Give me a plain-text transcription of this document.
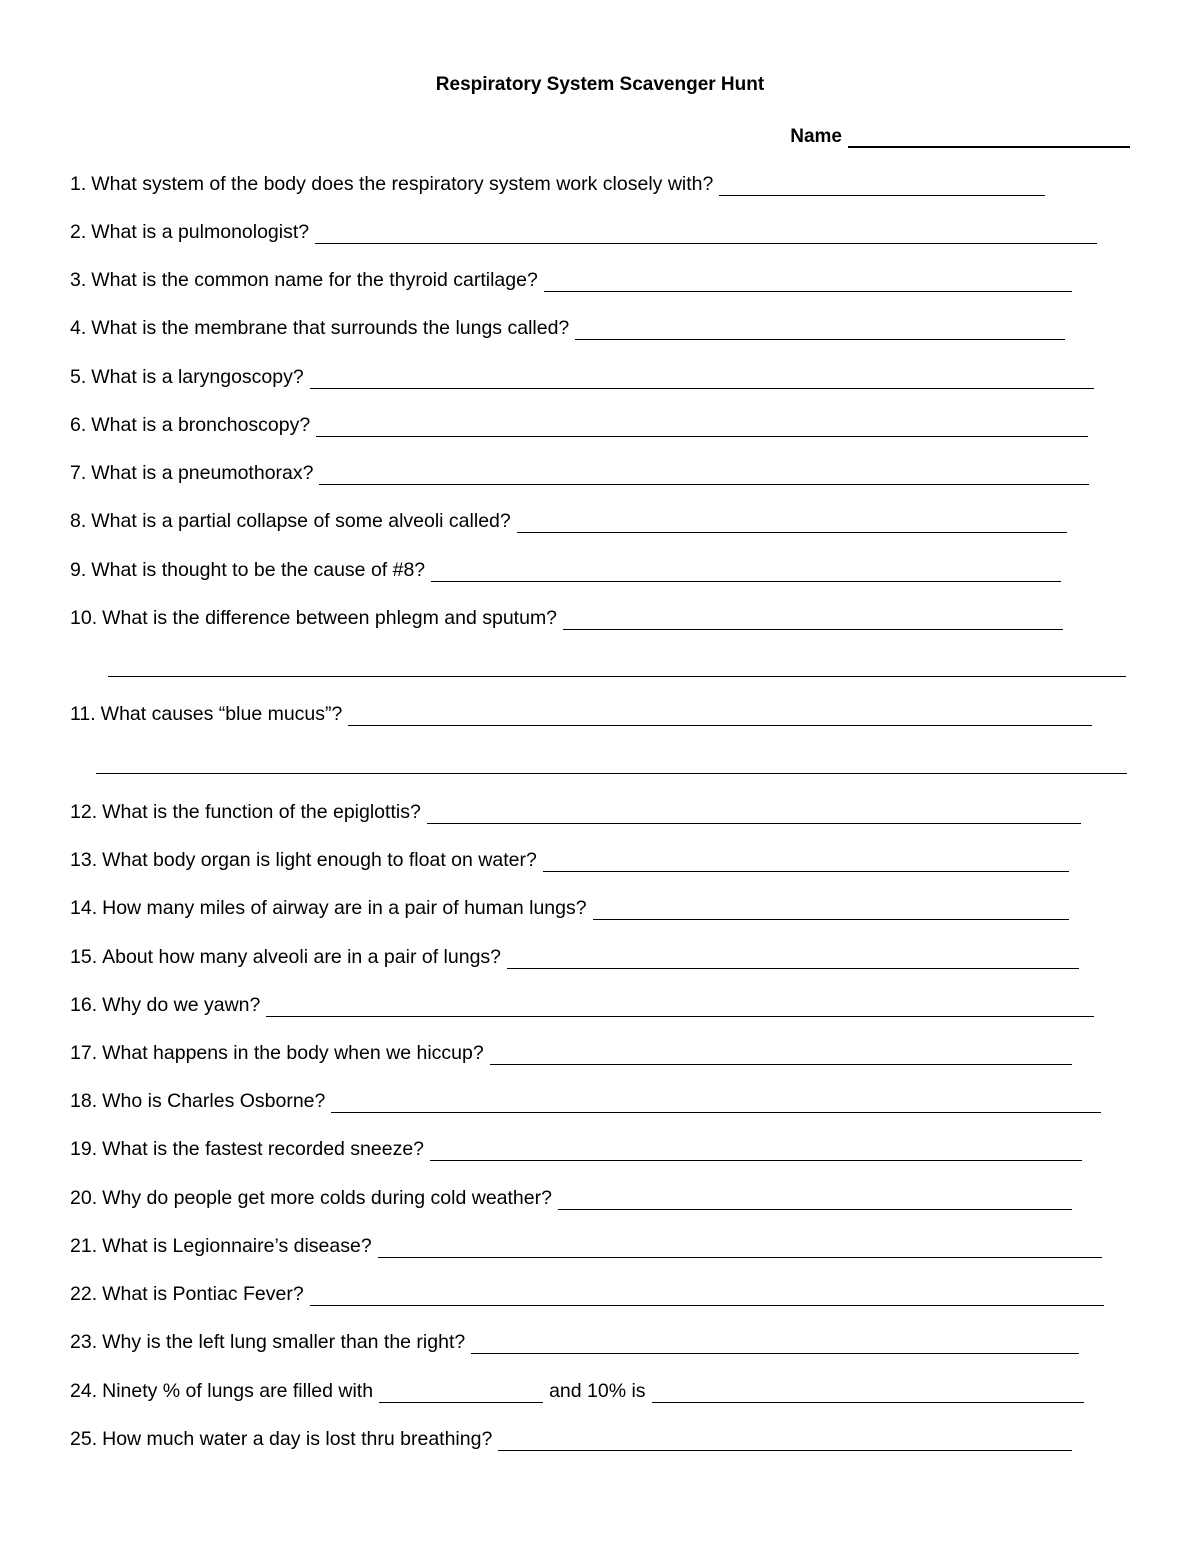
Respiratory System Scavenger Hunt
Name
1. What system of the body does the respiratory system work closely with?
2. What is a pulmonologist?
3. What is the common name for the thyroid cartilage?
4. What is the membrane that surrounds the lungs called?
5. What is a laryngoscopy?
6. What is a bronchoscopy?
7. What is a pneumothorax?
8. What is a partial collapse of some alveoli called?
9. What is thought to be the cause of #8?
10. What is the difference between phlegm and sputum?
11. What causes “blue mucus”?
12. What is the function of the epiglottis?
13. What body organ is light enough to float on water?
14. How many miles of airway are in a pair of human lungs?
15. About how many alveoli are in a pair of lungs?
16. Why do we yawn?
17. What happens in the body when we hiccup?
18. Who is Charles Osborne?
19. What is the fastest recorded sneeze?
20. Why do people get more colds during cold weather?
21. What is Legionnaire’s disease?
22. What is Pontiac Fever?
23. Why is the left lung smaller than the right?
24. Ninety % of lungs are filled with	and 10% is
25. How much water a day is lost thru breathing?
